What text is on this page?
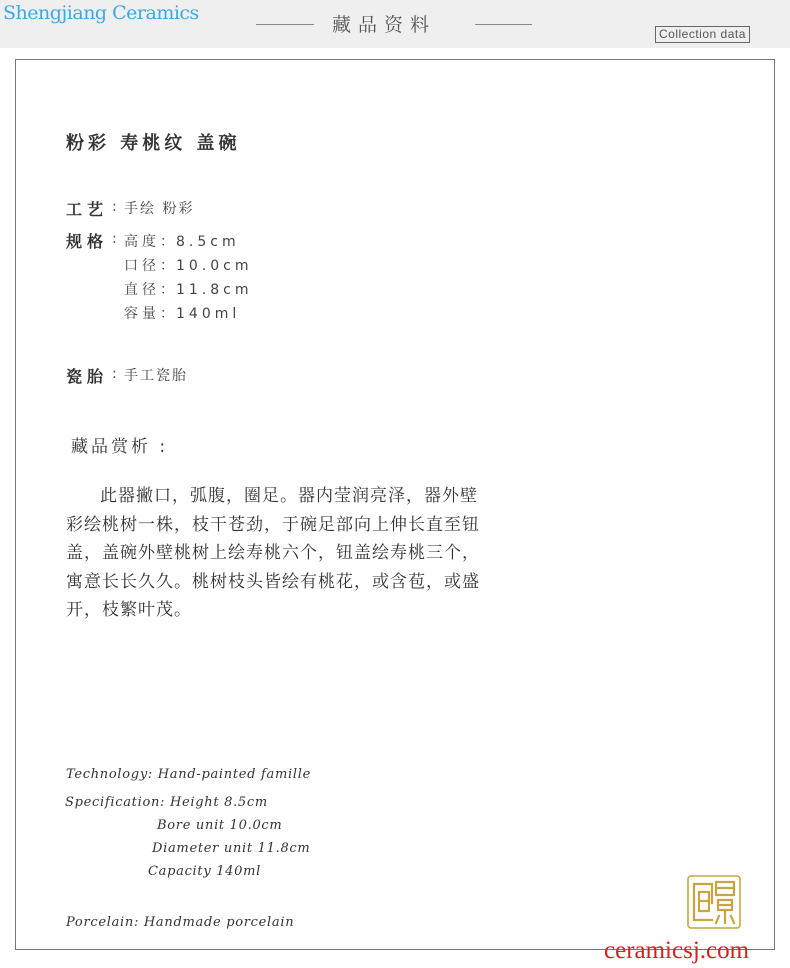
Shengjiang Ceramics
藏品资料	Collection data
粉彩 寿桃纹 盖碗
工艺 : 手绘 粉彩
规格 : 高度：8.5cm
口径：10.0cm
直径：11.8cm
容量：140ml
瓷胎 : 手工瓷胎
藏品赏析 :
此器撇口，弧腹，圈足。器内莹润亮泽，器外壁彩绘桃树一株，枝干苍劲，于碗足部向上伸长直至钮盖，盖碗外壁桃树上绘寿桃六个，钮盖绘寿桃三个，寓意长长久久。桃树枝头皆绘有桃花，或含苞，或盛开，枝繁叶茂。
Technology: Hand-painted famille
Specification: Height 8.5cm
Bore unit 10.0cm
Diameter unit 11.8cm
Capacity 140ml
Porcelain: Handmade porcelain
ceramicsj.com
